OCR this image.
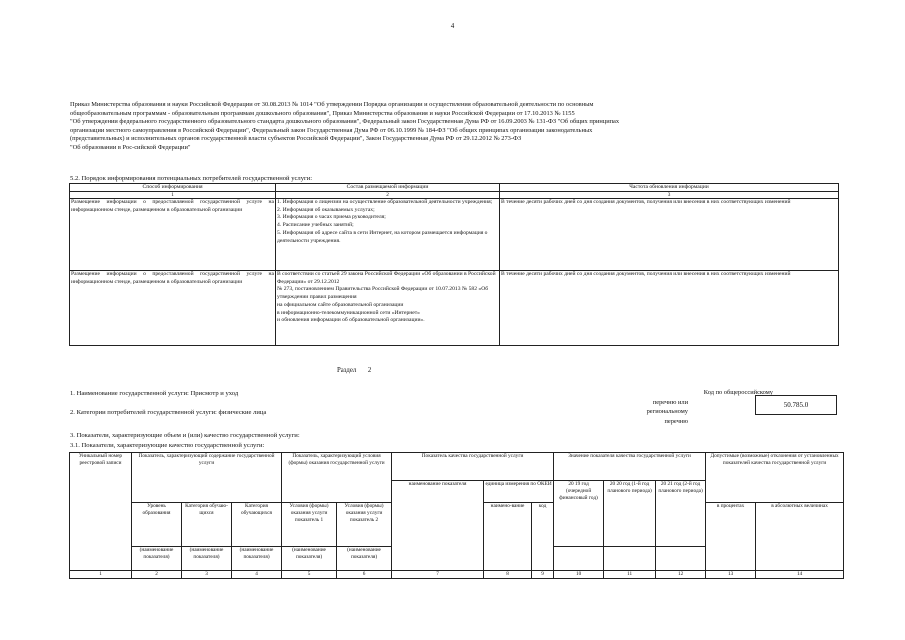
4
Приказ Министерства образования и науки Российской Федерации от 30.08.2013 № 1014 "Об утверждении Порядка организации и осуществления образовательной деятельности по основным
общеобразовательным программам - образовательным программам дошкольного образования", Приказ Министерства образования и науки Российской Федерации от 17.10.2013 № 1155
"Об утверждении федерального государственного образовательного стандарта дошкольного образования", Федеральный закон Государственная Дума РФ от 16.09.2003 № 131-ФЗ "Об общих принципах
организации местного самоуправления в Российской Федерации", Федеральный закон Государственная Дума РФ от 06.10.1999 № 184-ФЗ "Об общих принципах организации законодательных
(представительных) и исполнительных органов государственной власти субъектов Российской Федерации", Закон Государственная Дума РФ от 29.12.2012 № 273-ФЗ
"Об образовании в Рос-сийской Федерации"
5.2. Порядок информирования потенциальных потребителей государственной услуги:
Способ информирования	Состав размещаемой информации	Частота обновления информации
1	2	3
Размещение информации о предоставляемой государственной услуге на информационном стенде, размещенном в образовательной организации	1. Информация о лицензии на осуществление образовательной деятельности учреждения;
2. Информация об оказываемых услугах;
3. Информация о часах приема руководителя;
4. Расписание учебных занятий;
5. Информация об адресе сайта в сети Интернет, на котором размещается информация о деятельности учреждения.	В течение десяти рабочих дней со дня создания документов, получения или внесения в них соответствующих изменений
Размещение информации о предоставляемой государственной услуге на информационном стенде, размещенном в образовательной организации	В соответствии со статьей 29 закона Российской Федерации «Об образовании в Российской Федерации» от 29.12.2012
№ 273, постановлением Правительства Российской Федерации от 10.07.2013 № 582 «Об утверждении правил размещения
на официальном сайте образовательной организации
в информационно-телекоммуникационной сети «Интернет»
и обновления информации об образовательной организации».	В течение десяти рабочих дней со дня создания документов, получения или внесения в них соответствующих изменений
Раздел 2
1. Наименование государственной услуги: Присмотр и уход
2. Категории потребителей государственной услуги: физические лица
Код по общероссийскому
перечню или
региональному перечню
50.785.0
3. Показатели, характеризующие объем и (или) качество государственной услуги:
3.1. Показатели, характеризующие качество государственной услуги:
Уникальный номер реестровой записи	Показатель, характеризующий содержание государственной услуги			Показатель, характеризующий условия (формы) оказания государственной услуги		Показатель качества государственной услуги			Значение показателя качества государственной услуги			Допустимые (возможные) отклонения от установленных показателей качества государственной услуги	
						наименование показателя	единица измерения по ОКЕИ		20 19 год (очередной финансовый год)	20 20 год (1-й год планового периода)	20 21 год (2-й год планового периода)		
	Уровень образования	Категория обучаю-щихся	Категория обучающихся	Условия (формы) оказания услуги показатель 1	Условия (формы) оказания услуги показатель 2		наимено-вание	код				в процентах	в абсолютных величинах
	(наименование показателя)	(наименование показателя)	(наименование показателя)	(наименование показателя)	(наименование показателя)								
1	2	3	4	5	6	7	8	9	10	11	12	13	14
